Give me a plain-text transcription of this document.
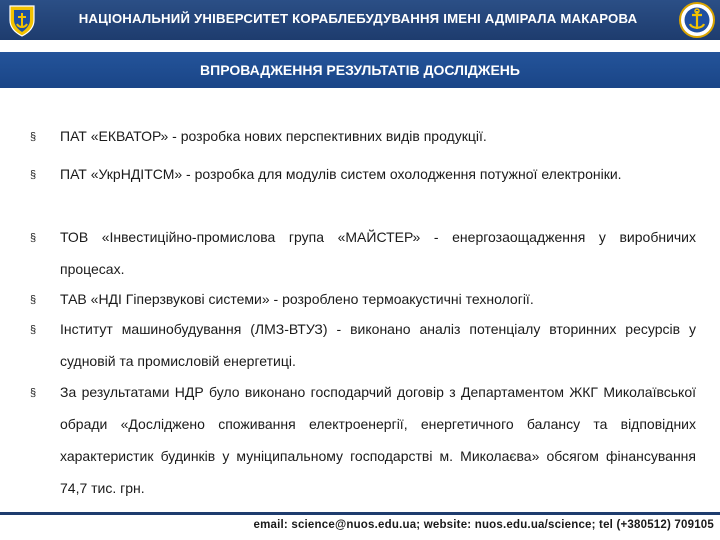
НАЦІОНАЛЬНИЙ УНІВЕРСИТЕТ КОРАБЛЕБУДУВАННЯ ІМЕНІ АДМІРАЛА МАКАРОВА
ВПРОВАДЖЕННЯ РЕЗУЛЬТАТІВ ДОСЛІДЖЕНЬ
§ ПАТ «ЕКВАТОР» - розробка нових перспективних видів продукції.

§ ПАТ «УкрНДІТСМ» - розробка для модулів систем охолодження потужної електроніки.

§ ТОВ «Інвестиційно-промислова група «МАЙСТЕР» - енергозаощадження у виробничих процесах.

§ ТАВ «НДІ Гіперзвукові системи» - розроблено термоакустичні технології.

§ Інститут машинобудування (ЛМЗ-ВТУЗ) - виконано аналіз потенціалу вторинних ресурсів у судновій та промисловій енергетиці.

§ За результатами НДР було виконано господарчий договір з Департаментом ЖКГ Миколаївської обради «Досліджено споживання електроенергії, енергетичного балансу та відповідних характеристик будинків у муніципальному господарстві м. Миколаєва» обсягом фінансування 74,7 тис. грн.

email: science@nuos.edu.ua; website: nuos.edu.ua/science; tel (+380512) 709105
